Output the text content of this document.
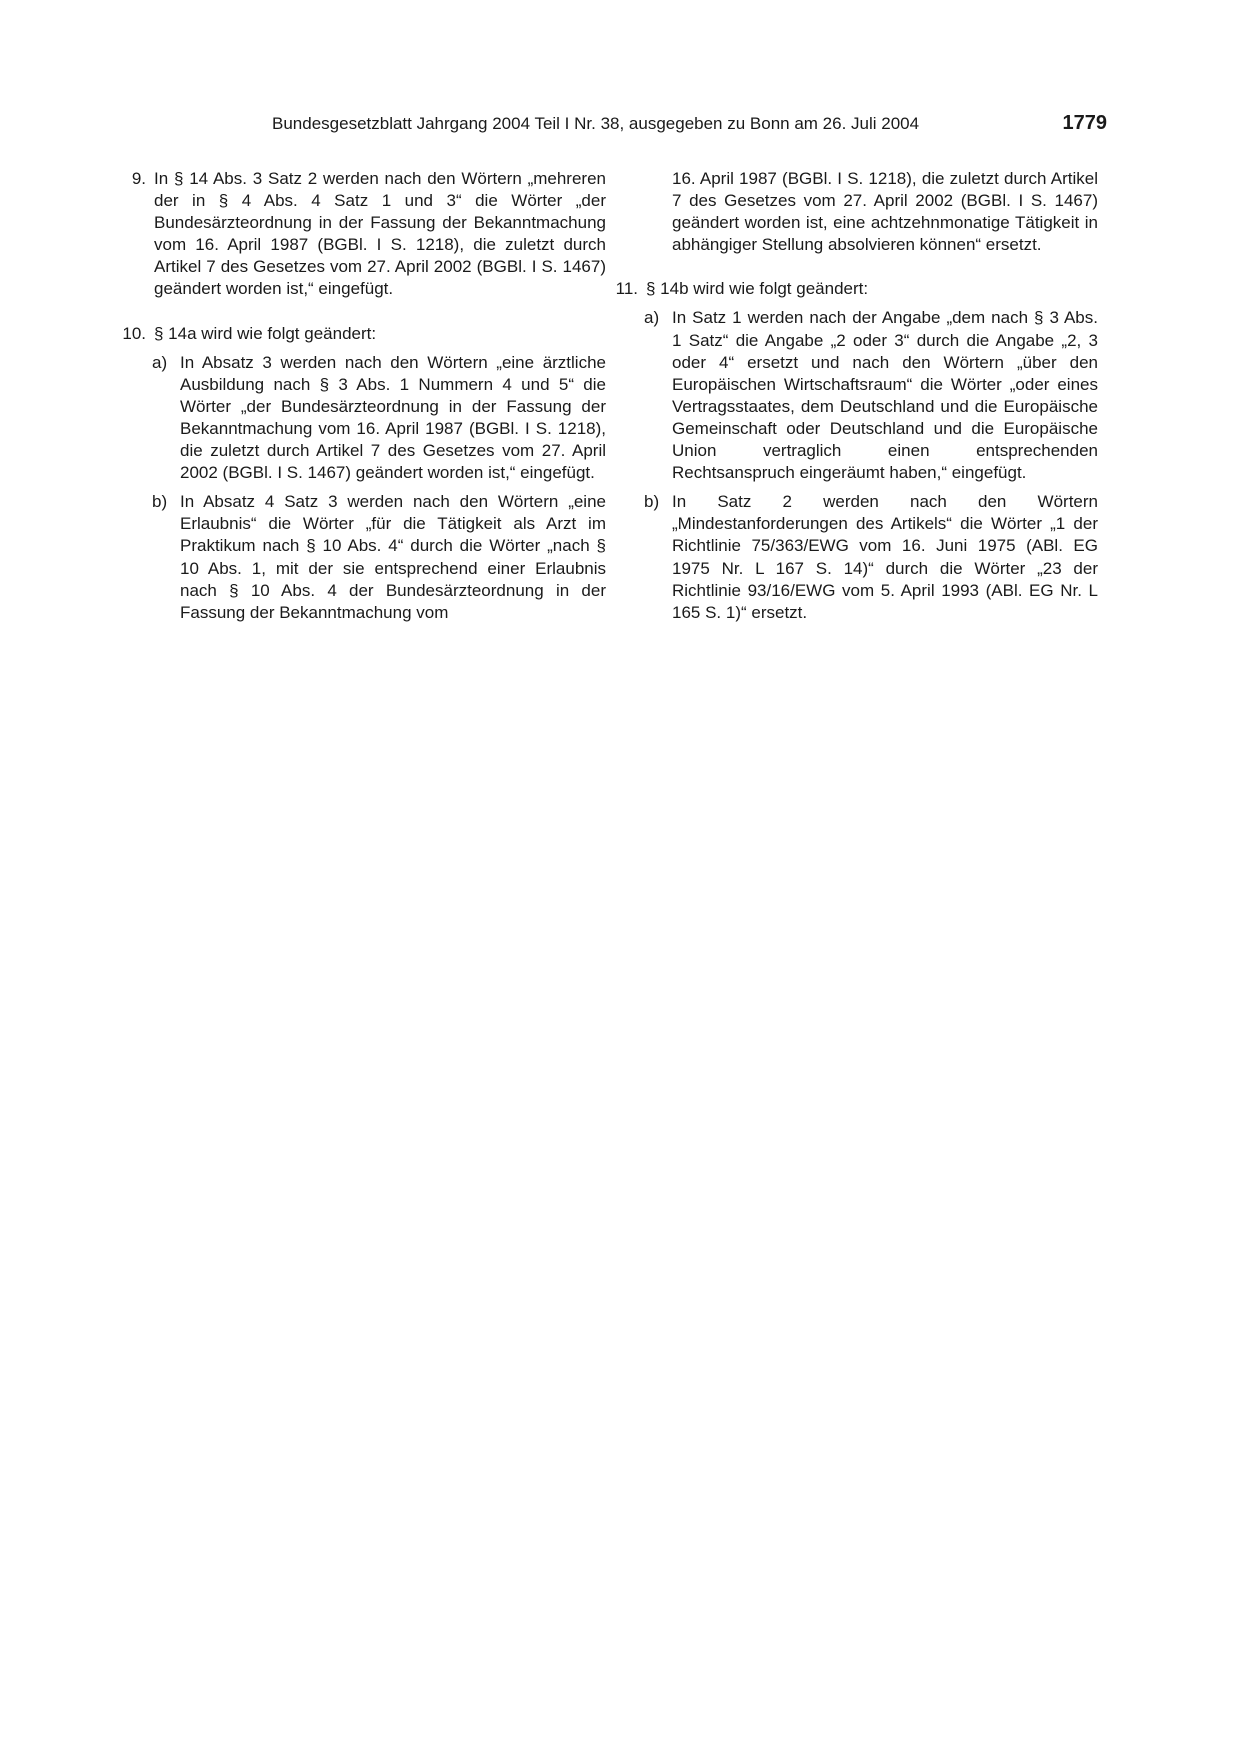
Bundesgesetzblatt Jahrgang 2004 Teil I Nr. 38, ausgegeben zu Bonn am 26. Juli 2004	1779
9. In § 14 Abs. 3 Satz 2 werden nach den Wörtern „mehreren der in § 4 Abs. 4 Satz 1 und 3“ die Wörter „der Bundesärzteordnung in der Fassung der Bekanntmachung vom 16. April 1987 (BGBl. I S. 1218), die zuletzt durch Artikel 7 des Gesetzes vom 27. April 2002 (BGBl. I S. 1467) geändert worden ist,“ eingefügt.

10. § 14a wird wie folgt geändert:

a) In Absatz 3 werden nach den Wörtern „eine ärztliche Ausbildung nach § 3 Abs. 1 Nummern 4 und 5“ die Wörter „der Bundesärzteordnung in der Fassung der Bekanntmachung vom 16. April 1987 (BGBl. I S. 1218), die zuletzt durch Artikel 7 des Gesetzes vom 27. April 2002 (BGBl. I S. 1467) geändert worden ist,“ eingefügt.

b) In Absatz 4 Satz 3 werden nach den Wörtern „eine Erlaubnis“ die Wörter „für die Tätigkeit als Arzt im Praktikum nach § 10 Abs. 4“ durch die Wörter „nach § 10 Abs. 1, mit der sie entsprechend einer Erlaubnis nach § 10 Abs. 4 der Bundesärzteordnung in der Fassung der Bekanntmachung vom

16. April 1987 (BGBl. I S. 1218), die zuletzt durch Artikel 7 des Gesetzes vom 27. April 2002 (BGBl. I S. 1467) geändert worden ist, eine achtzehnmonatige Tätigkeit in abhängiger Stellung absolvieren können“ ersetzt.

11. § 14b wird wie folgt geändert:

a) In Satz 1 werden nach der Angabe „dem nach § 3 Abs. 1 Satz“ die Angabe „2 oder 3“ durch die Angabe „2, 3 oder 4“ ersetzt und nach den Wörtern „über den Europäischen Wirtschaftsraum“ die Wörter „oder eines Vertragsstaates, dem Deutschland und die Europäische Gemeinschaft oder Deutschland und die Europäische Union vertraglich einen entsprechenden Rechtsanspruch eingeräumt haben,“ eingefügt.

b) In Satz 2 werden nach den Wörtern „Mindestanforderungen des Artikels“ die Wörter „1 der Richtlinie 75/363/EWG vom 16. Juni 1975 (ABl. EG 1975 Nr. L 167 S. 14)“ durch die Wörter „23 der Richtlinie 93/16/EWG vom 5. April 1993 (ABl. EG Nr. L 165 S. 1)“ ersetzt.
